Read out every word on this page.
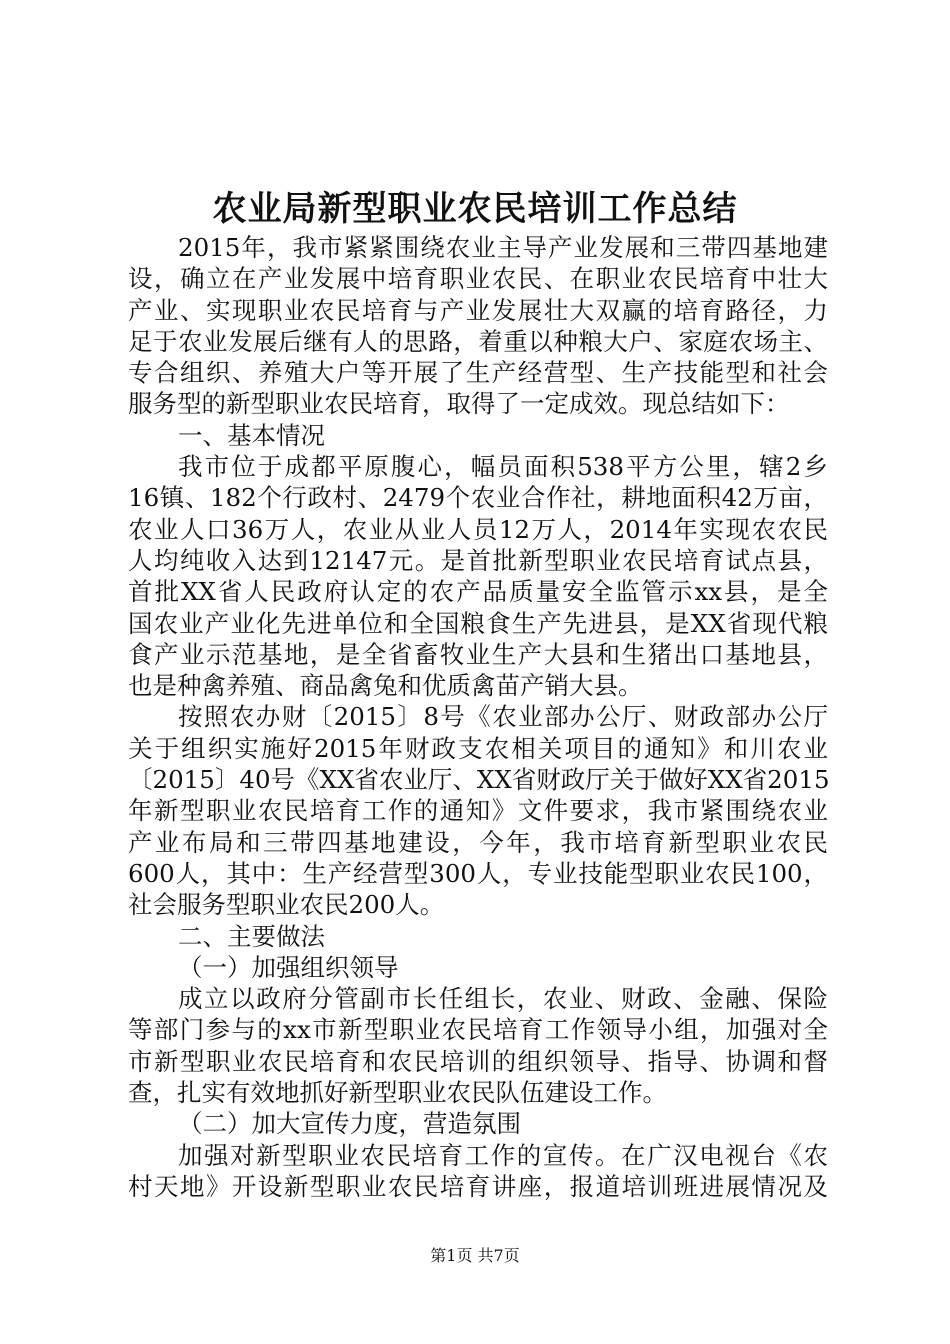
农业局新型职业农民培训工作总结
2015年，我市紧紧围绕农业主导产业发展和三带四基地建
设，确立在产业发展中培育职业农民、在职业农民培育中壮大
产业、实现职业农民培育与产业发展壮大双赢的培育路径，力
足于农业发展后继有人的思路，着重以种粮大户、家庭农场主、
专合组织、养殖大户等开展了生产经营型、生产技能型和社会
服务型的新型职业农民培育，取得了一定成效。现总结如下：
一、基本情况
我市位于成都平原腹心，幅员面积538平方公里，辖2乡
16镇、182个行政村、2479个农业合作社，耕地面积42万亩，
农业人口36万人，农业从业人员12万人，2014年实现农农民
人均纯收入达到12147元。是首批新型职业农民培育试点县，
首批XX省人民政府认定的农产品质量安全监管示xx县，是全
国农业产业化先进单位和全国粮食生产先进县，是XX省现代粮
食产业示范基地，是全省畜牧业生产大县和生猪出口基地县，
也是种禽养殖、商品禽兔和优质禽苗产销大县。
按照农办财〔2015〕8号《农业部办公厅、财政部办公厅
关于组织实施好2015年财政支农相关项目的通知》和川农业
〔2015〕40号《XX省农业厅、XX省财政厅关于做好XX省2015
年新型职业农民培育工作的通知》文件要求，我市紧围绕农业
产业布局和三带四基地建设，今年，我市培育新型职业农民
600人，其中：生产经营型300人，专业技能型职业农民100，
社会服务型职业农民200人。
二、主要做法
（一）加强组织领导
成立以政府分管副市长任组长，农业、财政、金融、保险
等部门参与的xx市新型职业农民培育工作领导小组，加强对全
市新型职业农民培育和农民培训的组织领导、指导、协调和督
查，扎实有效地抓好新型职业农民队伍建设工作。
（二）加大宣传力度，营造氛围
加强对新型职业农民培育工作的宣传。在广汉电视台《农
村天地》开设新型职业农民培育讲座，报道培训班进展情况及
第1页 共7页
